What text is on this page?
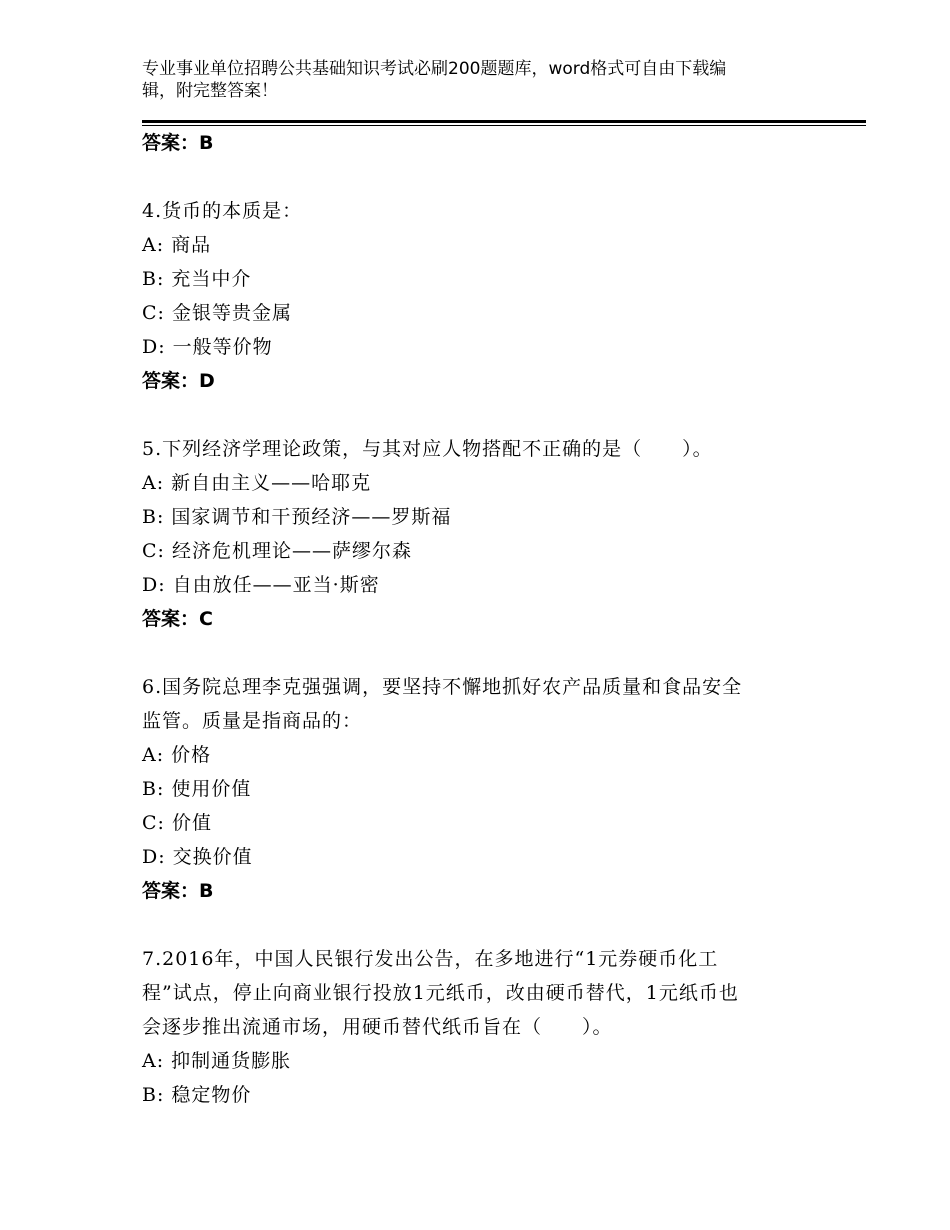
专业事业单位招聘公共基础知识考试必刷200题题库，word格式可自由下载编
辑，附完整答案！
答案：B
4.货币的本质是：
A: 商品
B: 充当中介
C: 金银等贵金属
D: 一般等价物
答案：D
5.下列经济学理论政策，与其对应人物搭配不正确的是（　　）。
A: 新自由主义——哈耶克
B: 国家调节和干预经济——罗斯福
C: 经济危机理论——萨缪尔森
D: 自由放任——亚当·斯密
答案：C
6.国务院总理李克强强调，要坚持不懈地抓好农产品质量和食品安全
监管。质量是指商品的：
A: 价格
B: 使用价值
C: 价值
D: 交换价值
答案：B
7.2016年，中国人民银行发出公告，在多地进行“1元券硬币化工
程”试点，停止向商业银行投放1元纸币，改由硬币替代，1元纸币也
会逐步推出流通市场，用硬币替代纸币旨在（　　）。
A: 抑制通货膨胀
B: 稳定物价
